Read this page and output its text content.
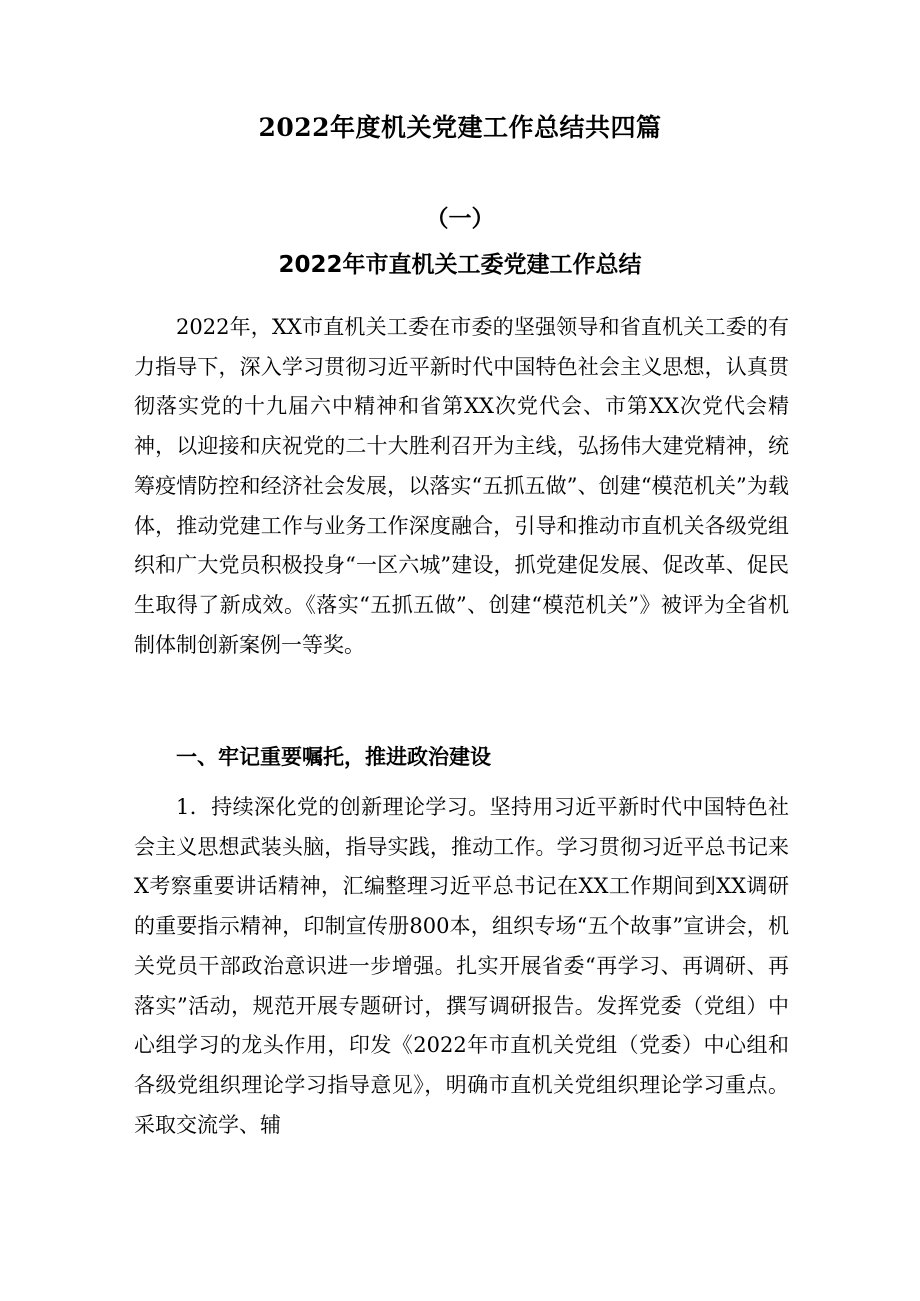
2022年度机关党建工作总结共四篇
（一）
2022年市直机关工委党建工作总结

2022年，XX市直机关工委在市委的坚强领导和省直机关工委的有力指导下，深入学习贯彻习近平新时代中国特色社会主义思想，认真贯彻落实党的十九届六中精神和省第XX次党代会、市第XX次党代会精神，以迎接和庆祝党的二十大胜利召开为主线，弘扬伟大建党精神，统筹疫情防控和经济社会发展，以落实“五抓五做”、创建“模范机关”为载体，推动党建工作与业务工作深度融合，引导和推动市直机关各级党组织和广大党员积极投身“一区六城”建设，抓党建促发展、促改革、促民生取得了新成效。《落实“五抓五做”、创建“模范机关”》被评为全省机制体制创新案例一等奖。

一、牢记重要嘱托，推进政治建设

1．持续深化党的创新理论学习。坚持用习近平新时代中国特色社会主义思想武装头脑，指导实践，推动工作。学习贯彻习近平总书记来X考察重要讲话精神，汇编整理习近平总书记在XX工作期间到XX调研的重要指示精神，印制宣传册800本，组织专场“五个故事”宣讲会，机关党员干部政治意识进一步增强。扎实开展省委“再学习、再调研、再落实”活动，规范开展专题研讨，撰写调研报告。发挥党委（党组）中心组学习的龙头作用，印发《2022年市直机关党组（党委）中心组和各级党组织理论学习指导意见》，明确市直机关党组织理论学习重点。采取交流学、辅
